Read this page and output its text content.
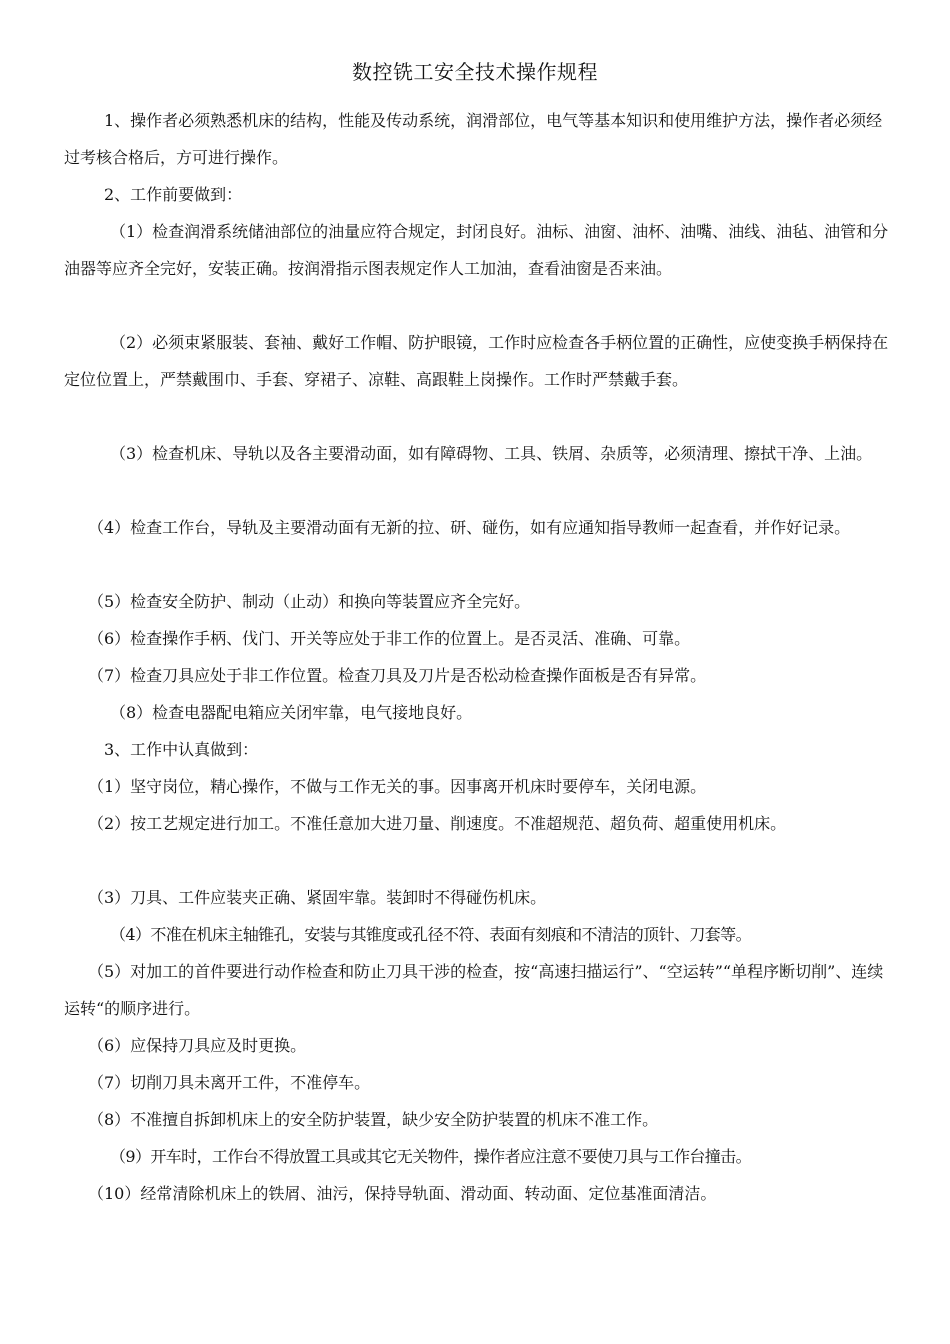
数控铣工安全技术操作规程

1、操作者必须熟悉机床的结构，性能及传动系统，润滑部位，电气等基本知识和使用维护方法，操作者必须经过考核合格后，方可进行操作。

2、工作前要做到：

（1）检查润滑系统储油部位的油量应符合规定，封闭良好。油标、油窗、油杯、油嘴、油线、油毡、油管和分油器等应齐全完好，安装正确。按润滑指示图表规定作人工加油，查看油窗是否来油。

（2）必须束紧服装、套袖、戴好工作帽、防护眼镜，工作时应检查各手柄位置的正确性，应使变换手柄保持在定位位置上，严禁戴围巾、手套、穿裙子、凉鞋、高跟鞋上岗操作。工作时严禁戴手套。

（3）检查机床、导轨以及各主要滑动面，如有障碍物、工具、铁屑、杂质等，必须清理、擦拭干净、上油。

（4）检查工作台，导轨及主要滑动面有无新的拉、研、碰伤，如有应通知指导教师一起查看，并作好记录。

（5）检查安全防护、制动（止动）和换向等装置应齐全完好。

（6）检查操作手柄、伐门、开关等应处于非工作的位置上。是否灵活、准确、可靠。

（7）检查刀具应处于非工作位置。检查刀具及刀片是否松动检查操作面板是否有异常。

（8）检查电器配电箱应关闭牢靠，电气接地良好。

3、工作中认真做到：

（1）坚守岗位，精心操作，不做与工作无关的事。因事离开机床时要停车，关闭电源。

（2）按工艺规定进行加工。不准任意加大进刀量、削速度。不准超规范、超负荷、超重使用机床。

（3）刀具、工件应装夹正确、紧固牢靠。装卸时不得碰伤机床。

（4）不准在机床主轴锥孔，安装与其锥度或孔径不符、表面有刻痕和不清洁的顶针、刀套等。

（5）对加工的首件要进行动作检查和防止刀具干涉的检查，按“高速扫描运行”、“空运转”“单程序断切削”、连续运转“的顺序进行。

（6）应保持刀具应及时更换。

（7）切削刀具未离开工件，不准停车。

（8）不准擅自拆卸机床上的安全防护装置，缺少安全防护装置的机床不准工作。

（9）开车时，工作台不得放置工具或其它无关物件，操作者应注意不要使刀具与工作台撞击。

（10）经常清除机床上的铁屑、油污，保持导轨面、滑动面、转动面、定位基准面清洁。
